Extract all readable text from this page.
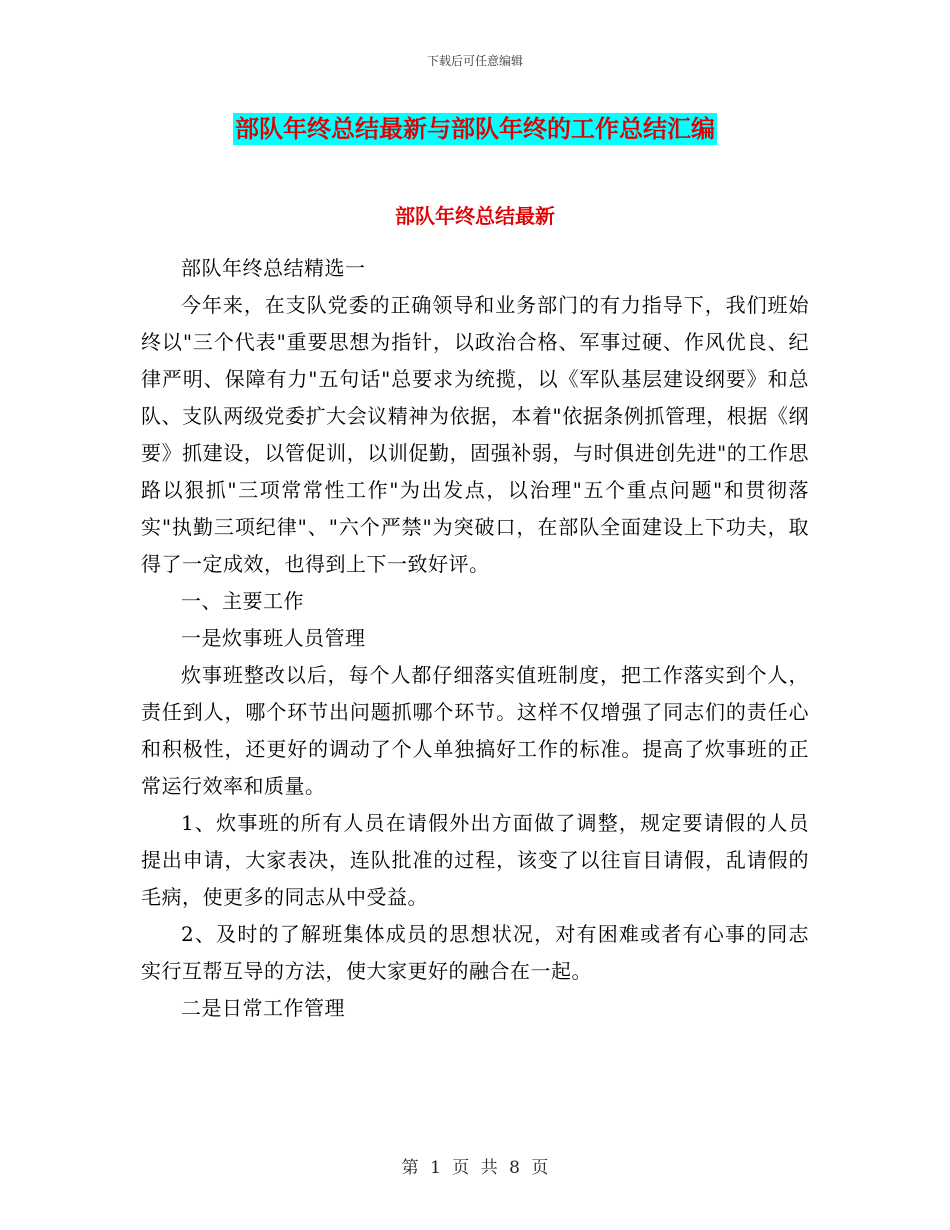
下载后可任意编辑
部队年终总结最新与部队年终的工作总结汇编
部队年终总结最新

部队年终总结精选一

今年来，在支队党委的正确领导和业务部门的有力指导下，我们班始终以"三个代表"重要思想为指针，以政治合格、军事过硬、作风优良、纪律严明、保障有力"五句话"总要求为统揽，以《军队基层建设纲要》和总队、支队两级党委扩大会议精神为依据，本着"依据条例抓管理，根据《纲要》抓建设，以管促训，以训促勤，固强补弱，与时俱进创先进"的工作思路以狠抓"三项常常性工作"为出发点，以治理"五个重点问题"和贯彻落实"执勤三项纪律"、"六个严禁"为突破口，在部队全面建设上下功夫，取得了一定成效，也得到上下一致好评。

一、主要工作

一是炊事班人员管理

炊事班整改以后，每个人都仔细落实值班制度，把工作落实到个人，责任到人，哪个环节出问题抓哪个环节。这样不仅增强了同志们的责任心和积极性，还更好的调动了个人单独搞好工作的标准。提高了炊事班的正常运行效率和质量。

1、炊事班的所有人员在请假外出方面做了调整，规定要请假的人员提出申请，大家表决，连队批准的过程，该变了以往盲目请假，乱请假的毛病，使更多的同志从中受益。

2、及时的了解班集体成员的思想状况，对有困难或者有心事的同志实行互帮互导的方法，使大家更好的融合在一起。

二是日常工作管理

第 1 页 共 8 页
